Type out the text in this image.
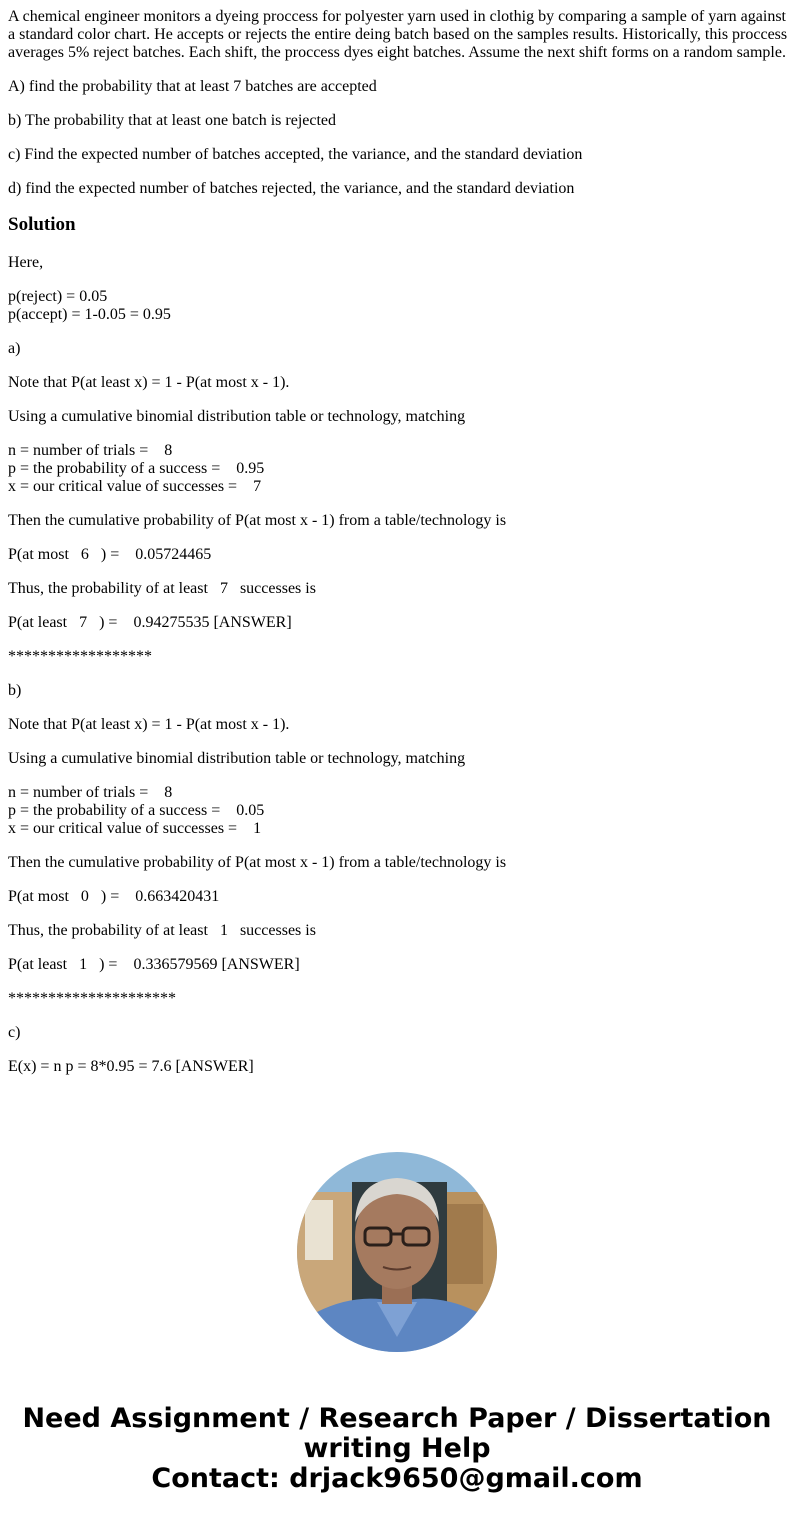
A chemical engineer monitors a dyeing proccess for polyester yarn used in clothig by comparing a sample of yarn against a standard color chart. He accepts or rejects the entire deing batch based on the samples results. Historically, this proccess averages 5% reject batches. Each shift, the proccess dyes eight batches. Assume the next shift forms on a random sample.

A) find the probability that at least 7 batches are accepted

b) The probability that at least one batch is rejected

c) Find the expected number of batches accepted, the variance, and the standard deviation

d) find the expected number of batches rejected, the variance, and the standard deviation

Solution

Here,

p(reject) = 0.05
p(accept) = 1-0.05 = 0.95

a)

Note that P(at least x) = 1 - P(at most x - 1).

Using a cumulative binomial distribution table or technology, matching

n = number of trials =    8
p = the probability of a success =    0.95
x = our critical value of successes =    7

Then the cumulative probability of P(at most x - 1) from a table/technology is

P(at most   6   ) =    0.05724465

Thus, the probability of at least   7   successes is

P(at least   7   ) =    0.94275535 [ANSWER]

******************

b)

Note that P(at least x) = 1 - P(at most x - 1).

Using a cumulative binomial distribution table or technology, matching

n = number of trials =    8
p = the probability of a success =    0.05
x = our critical value of successes =    1

Then the cumulative probability of P(at most x - 1) from a table/technology is

P(at most   0   ) =    0.663420431

Thus, the probability of at least   1   successes is

P(at least   1   ) =    0.336579569 [ANSWER]

*********************

c)

E(x) = n p = 8*0.95 = 7.6 [ANSWER]

Need Assignment / Research Paper / Dissertation
writing Help
Contact: drjack9650@gmail.com
